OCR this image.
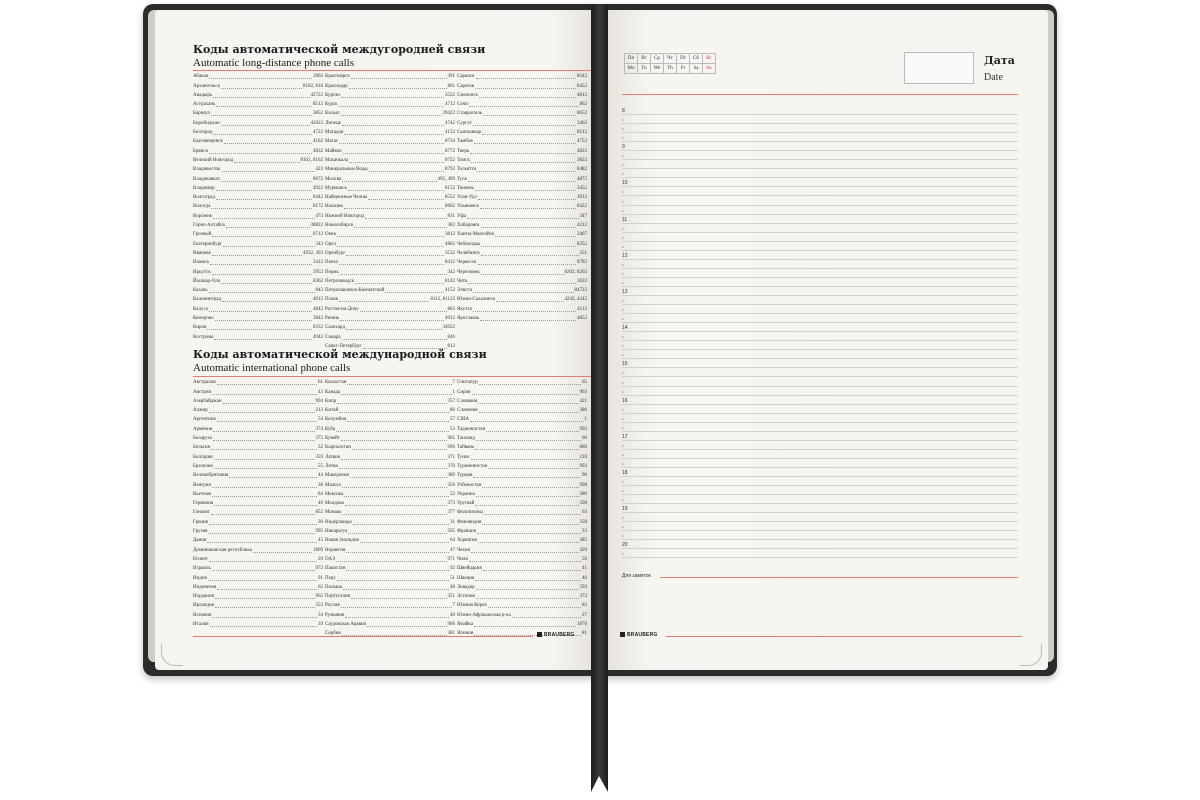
Коды автоматической междугородней связи
Automatic long-distance phone calls
Абакан	3902
Архангельск	8182, 818
Анадырь	42722
Астрахань	8512
Барнаул	3852
Биробиджан	42622
Белгород	4722
Благовещенск	4162
Брянск	4832
Великий Новгород	8162, 8162
Владивосток	423
Владикавказ	8672
Владимир	4922
Волгоград	8442
Вологда	8172
Воронеж	473
Горно-Алтайск	38822
Грозный	8712
Екатеринбург	343
Иваново	4932, 493
Ижевск	3412
Иркутск	3952
Йошкар-Ола	8362
Казань	843
Калининград	4012
Калуга	4842
Кемерово	3842
Киров	8332
Кострома	4942
Красноярск	391
Краснодар	861
Курган	3522
Курск	4712
Кызыл	39422
Липецк	4742
Магадан	4132
Магас	8734
Майкоп	8772
Махачкала	8722
Минеральные Воды	8792
Москва	495, 499
Мурманск	8152
Набережные Челны	8552
Нальчик	8662
Нижний Новгород	831
Новосибирск	383
Омск	3812
Орел	4862
Оренбург	3532
Пенза	8412
Пермь	342
Петрозаводск	8142
Петропавловск-Камчатский	4152
Псков	8112, 81122
Ростов-на-Дону	863
Рязань	4912
Салехард	34922
Самара	846
Санкт-Петербург	812
Саранск	8342
Саратов	8452
Смоленск	4812
Сочи	862
Ставрополь	8652
Сургут	3462
Сыктывкар	8212
Тамбов	4752
Тверь	4822
Томск	3822
Тольятти	8482
Тула	4872
Тюмень	3452
Улан-Удэ	3012
Ульяновск	8422
Уфа	347
Хабаровск	4212
Ханты-Мансийск	3467
Чебоксары	8352
Челябинск	351
Черкесск	8782
Череповец	8202, 8202
Чита	3022
Элиста	84722
Южно-Сахалинск	4242, 4242
Якутск	4112
Ярославль	4852
Коды автоматической международной связи
Automatic international phone calls
Австралия	61
Австрия	43
Азербайджан	994
Алжир	213
Аргентина	54
Армения	374
Беларусь	375
Бельгия	32
Болгария	359
Бразилия	55
Великобритания	44
Венгрия	36
Вьетнам	84
Германия	49
Гонконг	852
Греция	30
Грузия	995
Дания	45
Доминиканская республика	1809
Египет	20
Израиль	972
Индия	91
Индонезия	62
Иордания	962
Ирландия	353
Испания	34
Италия	39
Казахстан	7
Канада	1
Кипр	357
Китай	86
Колумбия	57
Куба	53
Кувейт	965
Кыргызстан	996
Латвия	371
Литва	370
Македония	389
Мальта	356
Мексика	52
Молдова	373
Монако	377
Нидерланды	31
Никарагуа	505
Новая Зеландия	64
Норвегия	47
ОАЭ	971
Пакистан	92
Перу	51
Польша	48
Португалия	351
Россия	7
Румыния	40
Саудовская Аравия	966
Сербия	381
Сингапур	65
Сирия	963
Словакия	421
Словения	386
США	1
Таджикистан	992
Таиланд	66
Тайвань	886
Тунис	216
Туркменистан	993
Турция	90
Узбекистан	998
Украина	380
Уругвай	598
Филиппины	63
Финляндия	358
Франция	33
Хорватия	385
Чехия	420
Чили	56
Швейцария	41
Швеция	46
Эквадор	593
Эстония	372
Южная Корея	82
Южно-Африканская р-ка	27
Ямайка	1876
Япония	81
BRAUBERG
Пн	Вт	Ср	Чт	Пт	Сб	Вс
Mo	Tu	We	Th	Fr	Sa	Su
Дата
Date
8
•
•
•
9
•
•
•
10
•
•
•
11
•
•
•
12
•
•
•
13
•
•
•
14
•
•
•
15
•
•
•
16
•
•
•
17
•
•
•
18
•
•
•
19
•
•
•
20
•
Для заметок
BRAUBERG
